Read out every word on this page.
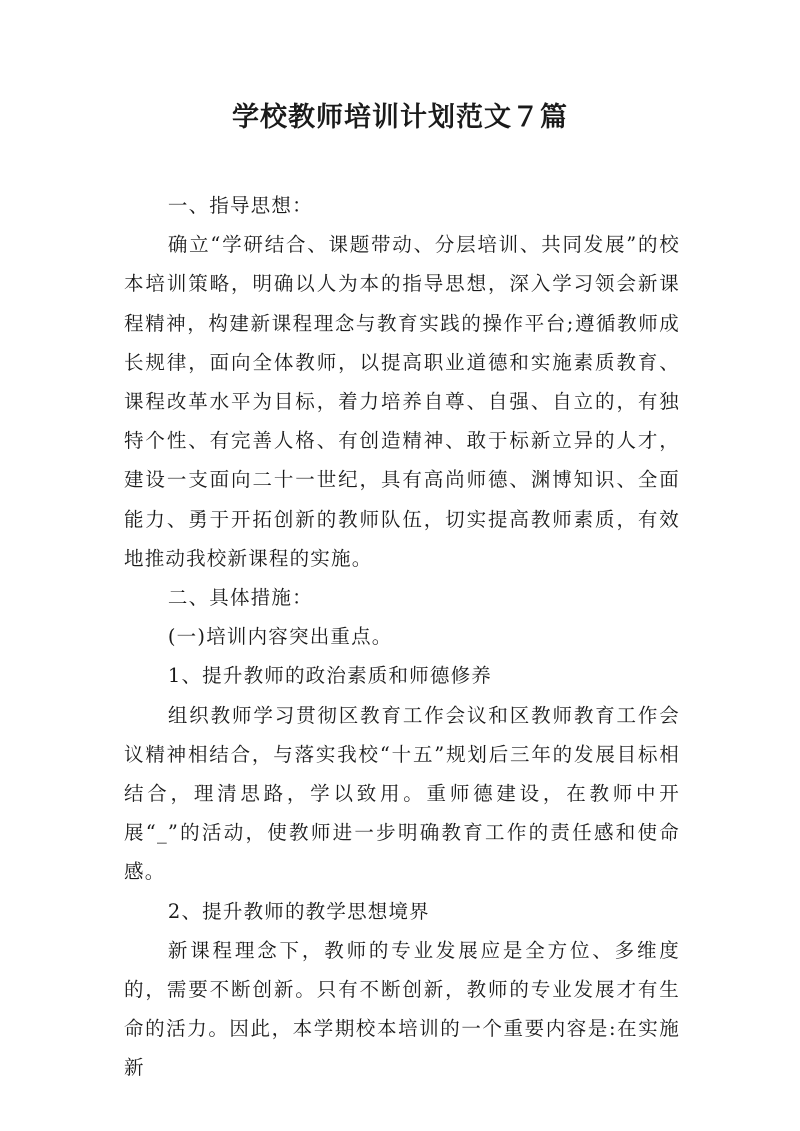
学校教师培训计划范文７篇

一、指导思想：

确立“学研结合、课题带动、分层培训、共同发展”的校本培训策略，明确以人为本的指导思想，深入学习领会新课程精神，构建新课程理念与教育实践的操作平台;遵循教师成长规律，面向全体教师，以提高职业道德和实施素质教育、课程改革水平为目标，着力培养自尊、自强、自立的，有独特个性、有完善人格、有创造精神、敢于标新立异的人才，建设一支面向二十一世纪，具有高尚师德、渊博知识、全面能力、勇于开拓创新的教师队伍，切实提高教师素质，有效地推动我校新课程的实施。

二、具体措施：

(一)培训内容突出重点。

1、提升教师的政治素质和师德修养

组织教师学习贯彻区教育工作会议和区教师教育工作会议精神相结合，与落实我校“十五”规划后三年的发展目标相结合，理清思路，学以致用。重师德建设，在教师中开展“_”的活动，使教师进一步明确教育工作的责任感和使命感。

2、提升教师的教学思想境界

新课程理念下，教师的专业发展应是全方位、多维度的，需要不断创新。只有不断创新，教师的专业发展才有生命的活力。因此，本学期校本培训的一个重要内容是:在实施新
